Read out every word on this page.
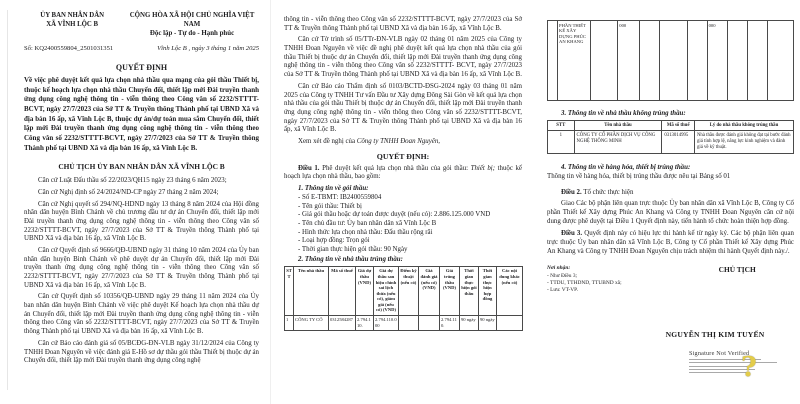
ỦY BAN NHÂN DÂN
XÃ VĨNH LỘC B
CỘNG HÒA XÃ HỘI CHỦ NGHĨA VIỆT NAM
Độc lập - Tự do - Hạnh phúc
Số: KQ2400559804_2501031351	Vĩnh Lộc B , ngày 3 tháng 1 năm 2025
QUYẾT ĐỊNH

Về việc phê duyệt kết quả lựa chọn nhà thầu qua mạng của gói thầu Thiết bị, thuộc kế hoạch lựa chọn nhà thầu Chuyển đổi, thiết lập mới Đài truyền thanh ứng dụng công nghệ thông tin - viễn thông theo Công văn số 2232/STTTT-BCVT, ngày 27/7/2023 của Sở TT & Truyền thông Thành phố tại UBND Xã và địa bàn 16 ấp, xã Vĩnh Lộc B, thuộc dự án/dự toán mua sắm Chuyển đổi, thiết lập mới Đài truyền thanh ứng dụng công nghệ thông tin - viễn thông theo Công văn số 2232/STTTT-BCVT, ngày 27/7/2023 của Sở TT & Truyền thông Thành phố tại UBND Xã và địa bàn 16 ấp, xã Vĩnh Lộc B.

CHỦ TỊCH ỦY BAN NHÂN DÂN XÃ VĨNH LỘC B

Căn cứ Luật Đấu thầu số 22/2023/QH15 ngày 23 tháng 6 năm 2023;

Căn cứ Nghị định số 24/2024/ND-CP ngày 27 tháng 2 năm 2024;

Căn cứ Nghị quyết số 294/NQ-HDND ngày 13 tháng 8 năm 2024 của Hội đồng nhân dân huyện Bình Chánh về chủ trương đầu tư dự án Chuyển đổi, thiết lập mới Đài truyền thanh ứng dụng công nghệ thông tin - viễn thông theo Công văn số 2232/STTTT-BCVT, ngày 27/7/2023 của Sở TT & Truyền thông Thành phố tại UBND Xã và địa bàn 16 ấp, xã Vĩnh Lộc B.

Căn cứ Quyết định số 9666/QĐ-UBND ngày 31 tháng 10 năm 2024 của Ủy ban nhân dân huyện Bình Chánh về phê duyệt dự án Chuyển đổi, thiết lập mới Đài truyền thanh ứng dụng công nghệ thông tin - viễn thông theo Công văn số 2232/STTTT-BCVT, ngày 27/7/2023 của Sở TT & Truyền thông Thành phố tại UBND Xã và địa bàn 16 ấp, xã Vĩnh Lộc B.

Căn cứ Quyết định số 10356/QĐ-UBND ngày 29 tháng 11 năm 2024 của Ủy ban nhân dân huyện Bình Chánh về việc phê duyệt Kế hoạch lựa chọn nhà thầu dự án Chuyển đổi, thiết lập mới Đài truyền thanh ứng dụng công nghệ thông tin - viễn thông theo Công văn số 2232/STTTT-BCVT, ngày 27/7/2023 của Sở TT & Truyền thông Thành phố tại UBND Xã và địa bàn 16 ấp, xã Vĩnh Lộc B.

Căn cứ Báo cáo đánh giá số 05/BCĐG-ĐN-VLB ngày 31/12/2024 của Công ty TNHH Đoan Nguyên về việc đánh giá E-Hồ sơ dự thầu gói thầu Thiết bị thuộc dự án Chuyển đổi, thiết lập mới Đài truyền thanh ứng dụng công nghệ

thông tin - viễn thông theo Công văn số 2232/STTTT-BCVT, ngày 27/7/2023 của Sở TT & Truyền thông Thành phố tại UBND Xã và địa bàn 16 ấp, xã Vĩnh Lộc B.

Căn cứ Tờ trình số 05/TTr-ĐN-VLB ngày 02 tháng 01 năm 2025 của Công ty TNHH Đoan Nguyên về việc đề nghị phê duyệt kết quả lựa chọn nhà thầu của gói thầu Thiết bị thuộc dự án Chuyển đổi, thiết lập mới Đài truyền thanh ứng dụng công nghệ thông tin - viễn thông theo Công văn số 2232/STTTT- BCVT, ngày 27/7/2023 của Sở TT & Truyền thông Thành phố tại UBND Xã và địa bàn 16 ấp, xã Vĩnh Lộc B.

Căn cứ Báo cáo Thẩm định số 0103/BCTD-ĐSG-2024 ngày 03 tháng 01 năm 2025 của Công ty TNHH Tư vấn Đầu tư Xây dựng Đông Sài Gòn về kết quả lựa chọn nhà thầu của gói thầu Thiết bị thuộc dự án Chuyển đổi, thiết lập mới Đài truyền thanh ứng dụng công nghệ thông tin - viễn thông theo Công văn số 2232/STTTT-BCVT, ngày 27/7/2023 của Sở TT & Truyền thông Thành phố tại UBND Xã và địa bàn 16 ấp, xã Vĩnh Lộc B.

Xem xét đề nghị của Công ty TNHH Đoan Nguyên,

QUYẾT ĐỊNH:

Điều 1. Phê duyệt kết quả lựa chọn nhà thầu của gói thầu: Thiết bị; thuộc kế hoạch lựa chọn nhà thầu, bao gồm:

1. Thông tin về gói thầu:

- Số E-TBMT: IB2400559804

- Tên gói thầu: Thiết bị

- Giá gói thầu hoặc dự toán được duyệt (nếu có): 2.886.125.000 VND

- Tên chủ đầu tư: Ủy ban nhân dân xã Vĩnh Lộc B

- Hình thức lựa chọn nhà thầu: Đấu thầu rộng rãi

- Loại hợp đồng: Trọn gói

- Thời gian thực hiện gói thầu: 90 Ngày

2. Thông tin về nhà thầu trúng thầu:
STT	Tên nhà thầu	Mã số thuế	Giá dự thầu (VND)	Giá dự thầu sau hiệu chỉnh sai lệch thừa (nếu có), giảm giá (nếu có) (VND)	Điểm kỹ thuật (nếu có)	Giá đánh giá (nếu có) (VND)	Giá trúng thầu (VND)	Thời gian thực hiện gói thầu	Thời gian thực hiện hợp đồng	Các nội dung khác (nếu có)
1	CÔNG TY CỔ	0312584287	2.794.110.	2.794.110.000			2.794.110.	90 ngày	90 ngày	
	PHẦN THIẾT KẾ XÂY DỰNG PHÚC AN KHANG		000				000			
3. Thông tin về nhà thầu không trúng thầu:
STT	Tên nhà thầu	Mã số thuế	Lý do nhà thầu không trúng thầu
1	CÔNG TY CỔ PHẦN DỊCH VỤ CÔNG NGHỆ THÔNG MINH	0313014995	Nhà thầu được đánh giá không đạt tại bước đánh giá tính hợp lệ, năng lực kinh nghiệm và đánh giá về kỹ thuật.
4. Thông tin về hàng hóa, thiết bị trúng thầu:

Thông tin về hàng hóa, thiết bị trúng thầu được nêu tại Bảng số 01

Điều 2. Tổ chức thực hiện

Giao Các bộ phận liên quan trực thuộc Ủy ban nhân dân xã Vĩnh Lộc B, Công ty Cổ phần Thiết kế Xây dựng Phúc An Khang và Công ty TNHH Đoan Nguyên căn cứ nội dung được phê duyệt tại Điều 1 Quyết định này, tiến hành tổ chức hoàn thiện hợp đồng.

Điều 3. Quyết định này có hiệu lực thi hành kể từ ngày ký. Các bộ phận liên quan trực thuộc Ủy ban nhân dân xã Vĩnh Lộc B, Công ty Cổ phần Thiết kế Xây dựng Phúc An Khang và Công ty TNHH Đoan Nguyên chịu trách nhiệm thi hành Quyết định này./.

Nơi nhận:
- Như Điều 3;
- TTDU, TTHDND, TTUBND xã;
- Lưu: VT-VP.
CHỦ TỊCH
NGUYỄN THỊ KIM TUYẾN
Signature Not Verified
?
